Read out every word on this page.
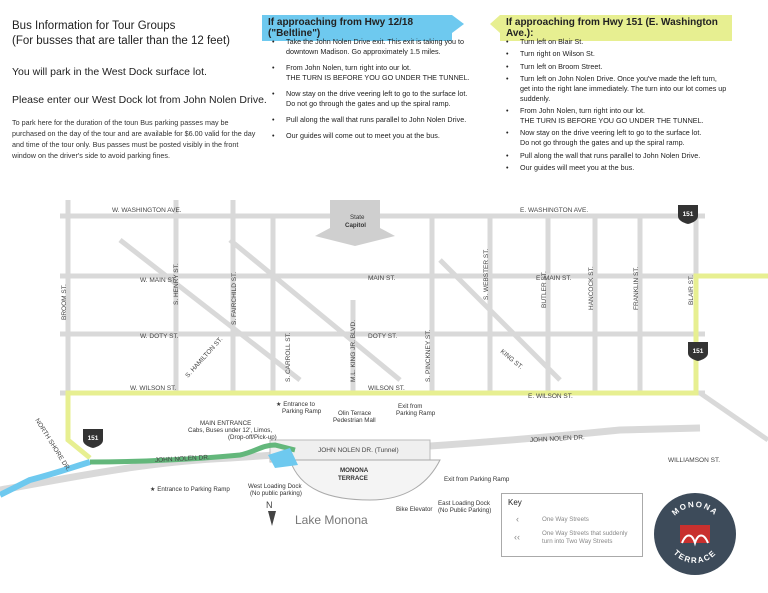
Bus Information for Tour Groups
(For busses that are taller than the 12 feet)
You will park in the West Dock surface lot.
Please enter our West Dock lot from John Nolen Drive.
To park here for the duration of the toun Bus parking passes may be purchased on the day of the tour and are available for $6.00 valid for the day and time of the tour only. Bus passes must be posted visibly in the front window on the driver's side to avoid parking fines.
If approaching from Hwy 12/18 ("Beltline")
If approaching from Hwy 151 (E. Washington Ave.):
• Take the John Nolen Drive exit. This exit is taking you to
downtown Madison. Go approximately 1.5 miles.
• From John Nolen, turn right into our lot.
THE TURN IS BEFORE YOU GO UNDER THE TUNNEL.
• Now stay on the drive veering left to go to the surface lot.
Do not go through the gates and up the spiral ramp.
• Pull along the wall that runs parallel to John Nolen Drive.
• Our guides will come out to meet you at the bus.
• Turn left on Blair St.
• Turn right on Wilson St.
• Turn left on Broom Street.
• Turn left on John Nolen Drive. Once you've made the left turn,
get into the right lane immediately. The turn into our lot comes up suddenly.
• From John Nolen, turn right into our lot.
THE TURN IS BEFORE YOU GO UNDER THE TUNNEL.
• Now stay on the drive veering left to go to the surface lot.
Do not go through the gates and up the spiral ramp.
• Pull along the wall that runs parallel to John Nolen Drive.
• Our guides will meet you at the bus.
151
151
151
W. WASHINGTON AVE.	E. WASHINGTON AVE.
W. MAIN ST.	MAIN ST.	E. MAIN ST.
W. DOTY ST.	DOTY ST.
W. WILSON ST.	WILSON ST.
E. WILSON ST.
JOHN NOLEN DR.
JOHN NOLEN DR.
JOHN NOLEN DR. (Tunnel)
NORTH SHORE DR.
BROOM ST.	S. HENRY ST.	S. FAIRCHILD ST.
S. HAMILTON ST.	S. CARROLL ST.	M.L. KING JR. BLVD.	S. PINCKNEY ST.
S. WEBSTER ST.
KING ST.
BUTLER ST.	HANCOCK ST.	FRANKLIN ST.	BLAIR ST.
WILLIAMSON ST.
State
Capitol
Lake Monona
N
MONONA
TERRACE
MAIN ENTRANCE
Cabs, Buses under 12', Limos,
(Drop-off/Pick-up)
★ Entrance to
Parking Ramp	Olin Terrace
Pedestrian Mall
Exit from
Parking Ramp
★ Entrance to Parking Ramp	West Loading Dock
(No public parking)
Bike Elevator
East Loading Dock
(No Public Parking)
Exit from Parking Ramp
Key
‹	One Way Streets
‹‹	One Way Streets that suddenly
turn into Two Way Streets
MONONA
TERRACE
